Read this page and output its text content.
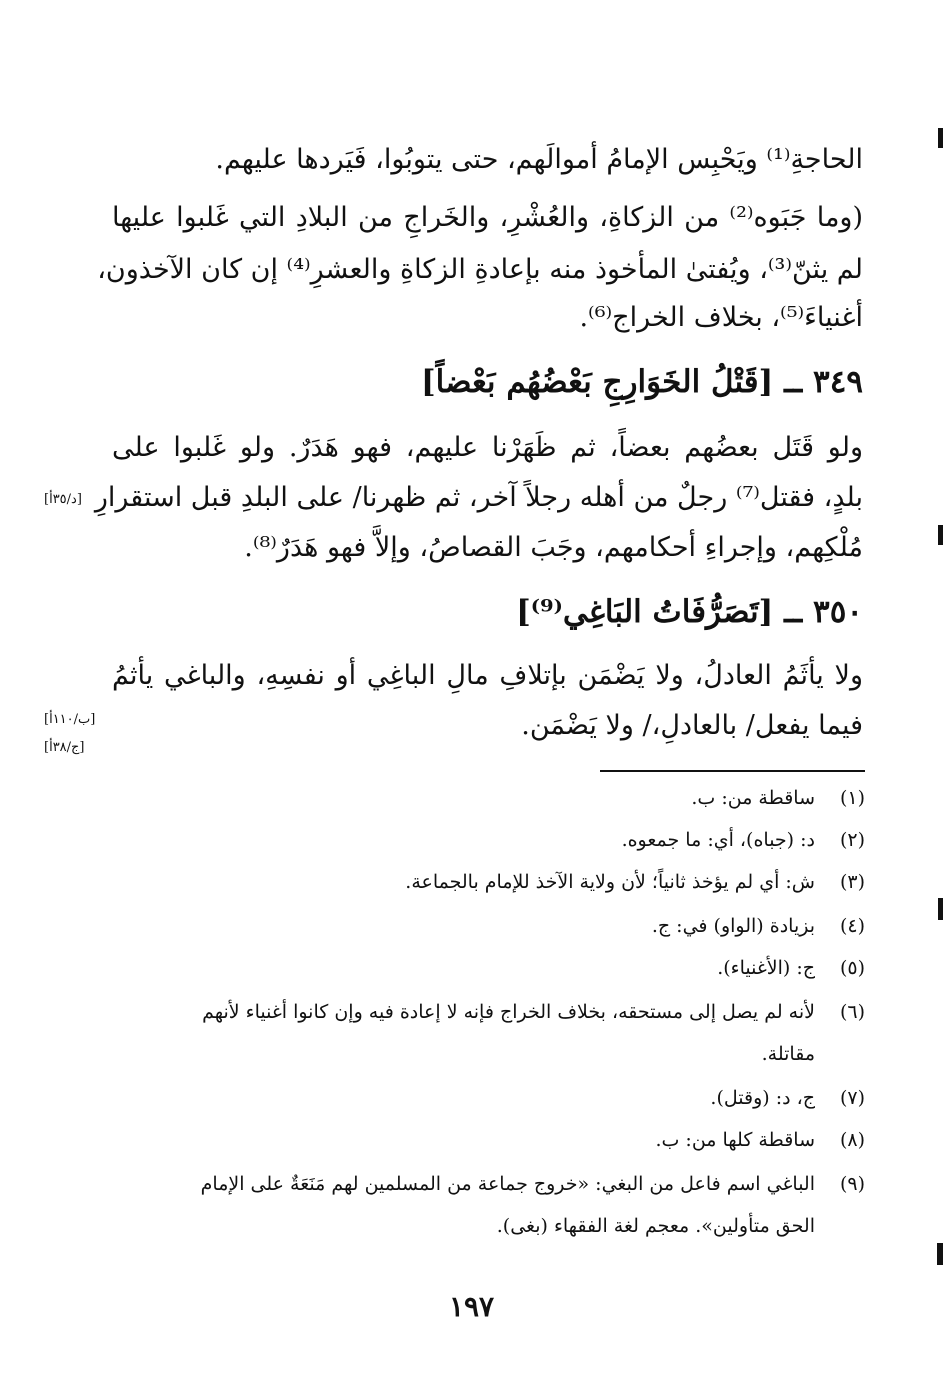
الحاجةِ⁽¹⁾ ويَحْبِس الإمامُ أموالَهم، حتى يتوبُوا، فَيَردها عليهم.
(وما جَبَوه⁽²⁾ من الزكاةِ، والعُشْرِ، والخَراجِ من البلادِ التي غَلبوا عليها
لم يثنّ⁽³⁾، ويُفتىٰ المأخوذ منه بإعادةِ الزكاةِ والعشرِ⁽⁴⁾ إن كان الآخذون،
أغنياءَ⁽⁵⁾، بخلاف الخراج⁽⁶⁾.
٣٤٩ ــ [قَتْلُ الخَوَارِجِ بَعْضُهُم بَعْضاً]
ولو قَتَل بعضُهم بعضاً، ثم ظَهَرْنا عليهم، فهو هَدَرٌ. ولو غَلبوا على
بلدٍ، فقتل⁽⁷⁾ رجلٌ من أهله رجلاً آخر، ثم ظهرنا/ على البلدِ قبل استقرارِ
مُلْكِهم، وإجراءِ أحكامهم، وجَبَ القصاصُ، وإلاَّ فهو هَدَرٌ⁽⁸⁾.
[د/٣٥أ]
٣٥٠ ــ [تَصَرُّفَاتُ البَاغِي⁽⁹⁾]
ولا يأثَمُ العادلُ، ولا يَضْمَن بإتلافِ مالِ الباغِي أو نفسِهِ، والباغي يأثمُ
فيما يفعل/ بالعادلِ،/ ولا يَضْمَن.
[ب/١١٠أ]
[ج/٣٨أ]
(١)ساقطة من: ب.
(٢)د: (جباه)، أي: ما جمعوه.
(٣)ش: أي لم يؤخذ ثانياً؛ لأن ولاية الآخذ للإمام بالجماعة.
(٤)بزيادة (الواو) في: ج.
(٥)ج: (الأغنياء).
(٦)لأنه لم يصل إلى مستحقه، بخلاف الخراج فإنه لا إعادة فيه وإن كانوا أغنياء لأنهم
مقاتلة.
(٧)ج، د: (وقتل).
(٨)ساقطة كلها من: ب.
(٩)الباغي اسم فاعل من البغي: «خروج جماعة من المسلمين لهم مَنَعَةٌ على الإمام
الحق متأولين». معجم لغة الفقهاء (بغى).
١٩٧
